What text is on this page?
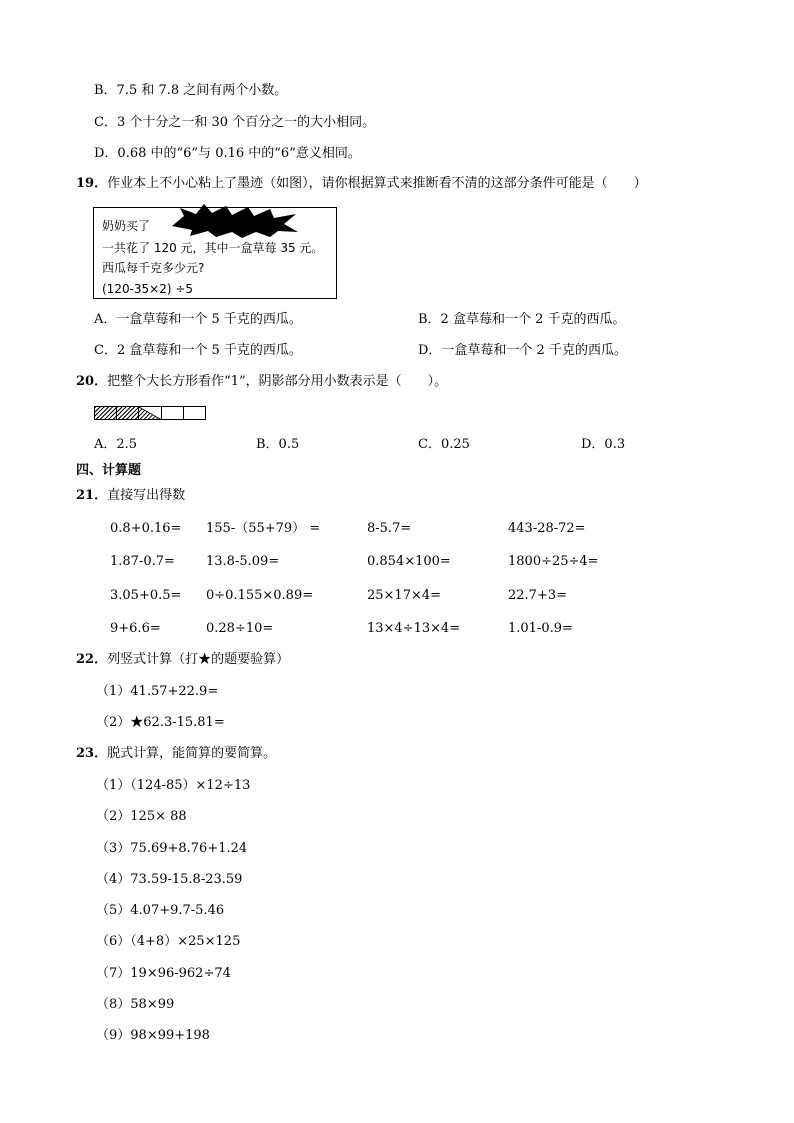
B．7.5 和 7.8 之间有两个小数。
C．3 个十分之一和 30 个百分之一的大小相同。
D．0.68 中的“6”与 0.16 中的“6”意义相同。
19．作业本上不小心粘上了墨迹（如图），请你根据算式来推断看不清的这部分条件可能是（　　）
奶奶买了
一共花了 120 元，其中一盒草莓 35 元。
西瓜每千克多少元?
(120-35×2) ÷5
A．一盒草莓和一个 5 千克的西瓜。	B．2 盒草莓和一个 2 千克的西瓜。
C．2 盒草莓和一个 5 千克的西瓜。	D．一盒草莓和一个 2 千克的西瓜。
20．把整个大长方形看作“1”，阴影部分用小数表示是（　　）。
A．2.5	B．0.5	C．0.25	D．0.3
四、计算题
21．直接写出得数
0.8+0.16= 155-（55+79） =	8-5.7=	443-28-72=
1.87-0.7= 13.8-5.09=	0.854×100=	1800÷25÷4=
3.05+0.5= 0÷0.155×0.89=	25×17×4=	22.7+3=
9+6.6=	0.28÷10=	13×4÷13×4=	1.01-0.9=
22．列竖式计算（打★的题要验算）
（1）41.57+22.9=
（2）★62.3-15.81=
23．脱式计算，能简算的要简算。
（1）（124-85）×12÷13
（2）125× 88
（3）75.69+8.76+1.24
（4）73.59-15.8-23.59
（5）4.07+9.7-5.46
（6）（4+8）×25×125
（7）19×96-962÷74
（8）58×99
（9）98×99+198
